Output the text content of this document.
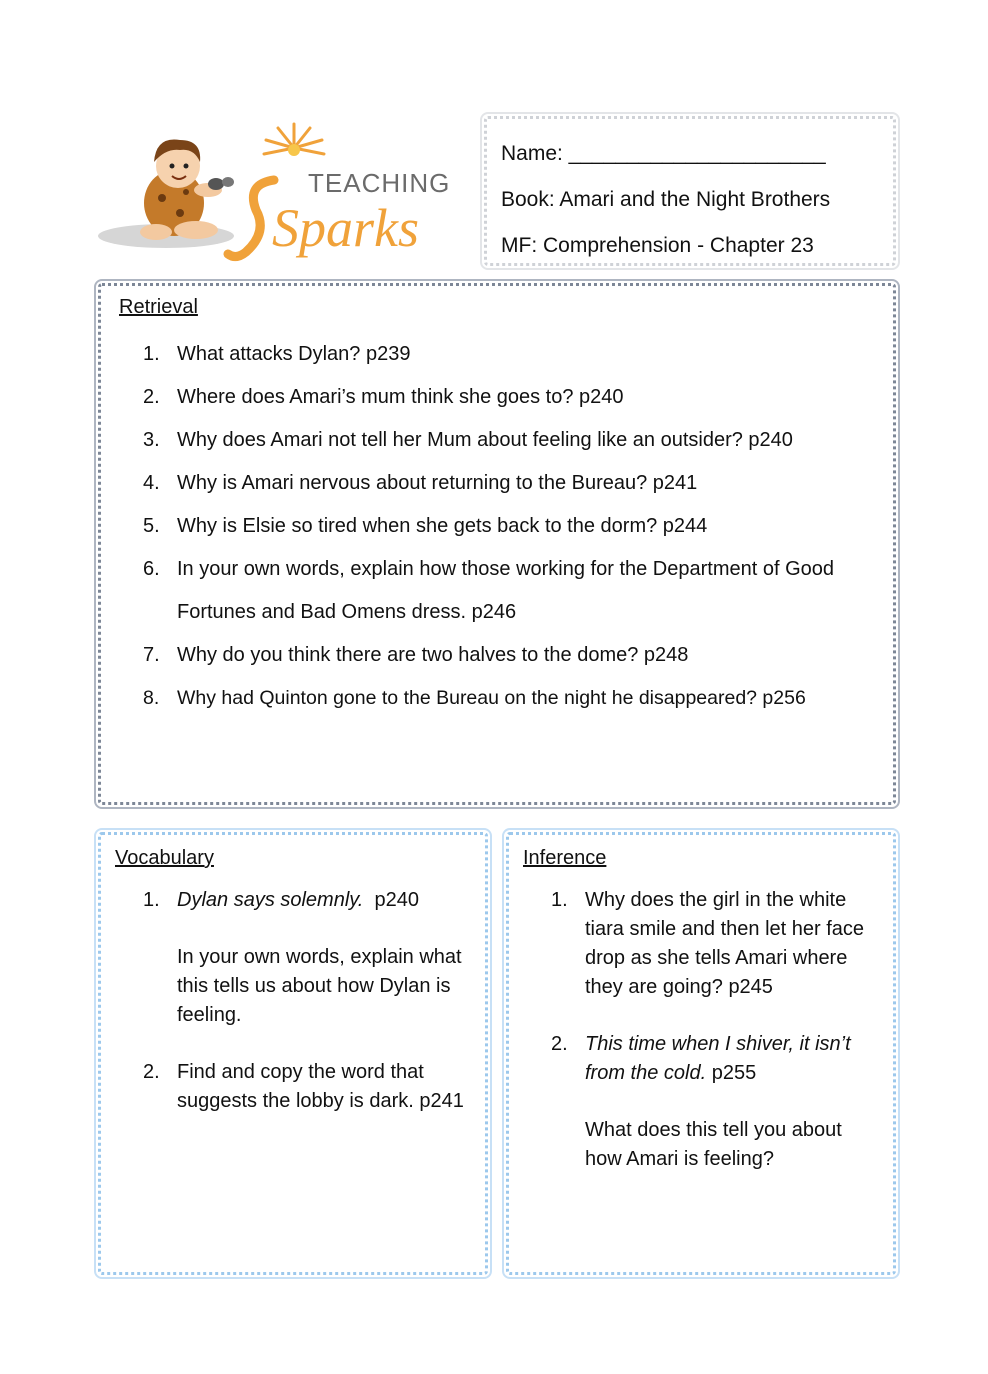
TEACHING
Sparks
Name: ______________________
Book: Amari and the Night Brothers
MF: Comprehension - Chapter 23
Retrieval
1. What attacks Dylan? p239
2. Where does Amari’s mum think she goes to? p240
3. Why does Amari not tell her Mum about feeling like an outsider? p240
4. Why is Amari nervous about returning to the Bureau? p241
5. Why is Elsie so tired when she gets back to the dorm? p244
6. In your own words, explain how those working for the Department of Good Fortunes and Bad Omens dress. p246
7. Why do you think there are two halves to the dome? p248
8. Why had Quinton gone to the Bureau on the night he disappeared? p256
Vocabulary
1. Dylan says solemnly.  p240

In your own words, explain what this tells us about how Dylan is feeling.

2. Find and copy the word that suggests the lobby is dark. p241

Inference
1. Why does the girl in the white tiara smile and then let her face drop as she tells Amari where they are going? p245

2. This time when I shiver, it isn’t from the cold. p255

What does this tell you about how Amari is feeling?
